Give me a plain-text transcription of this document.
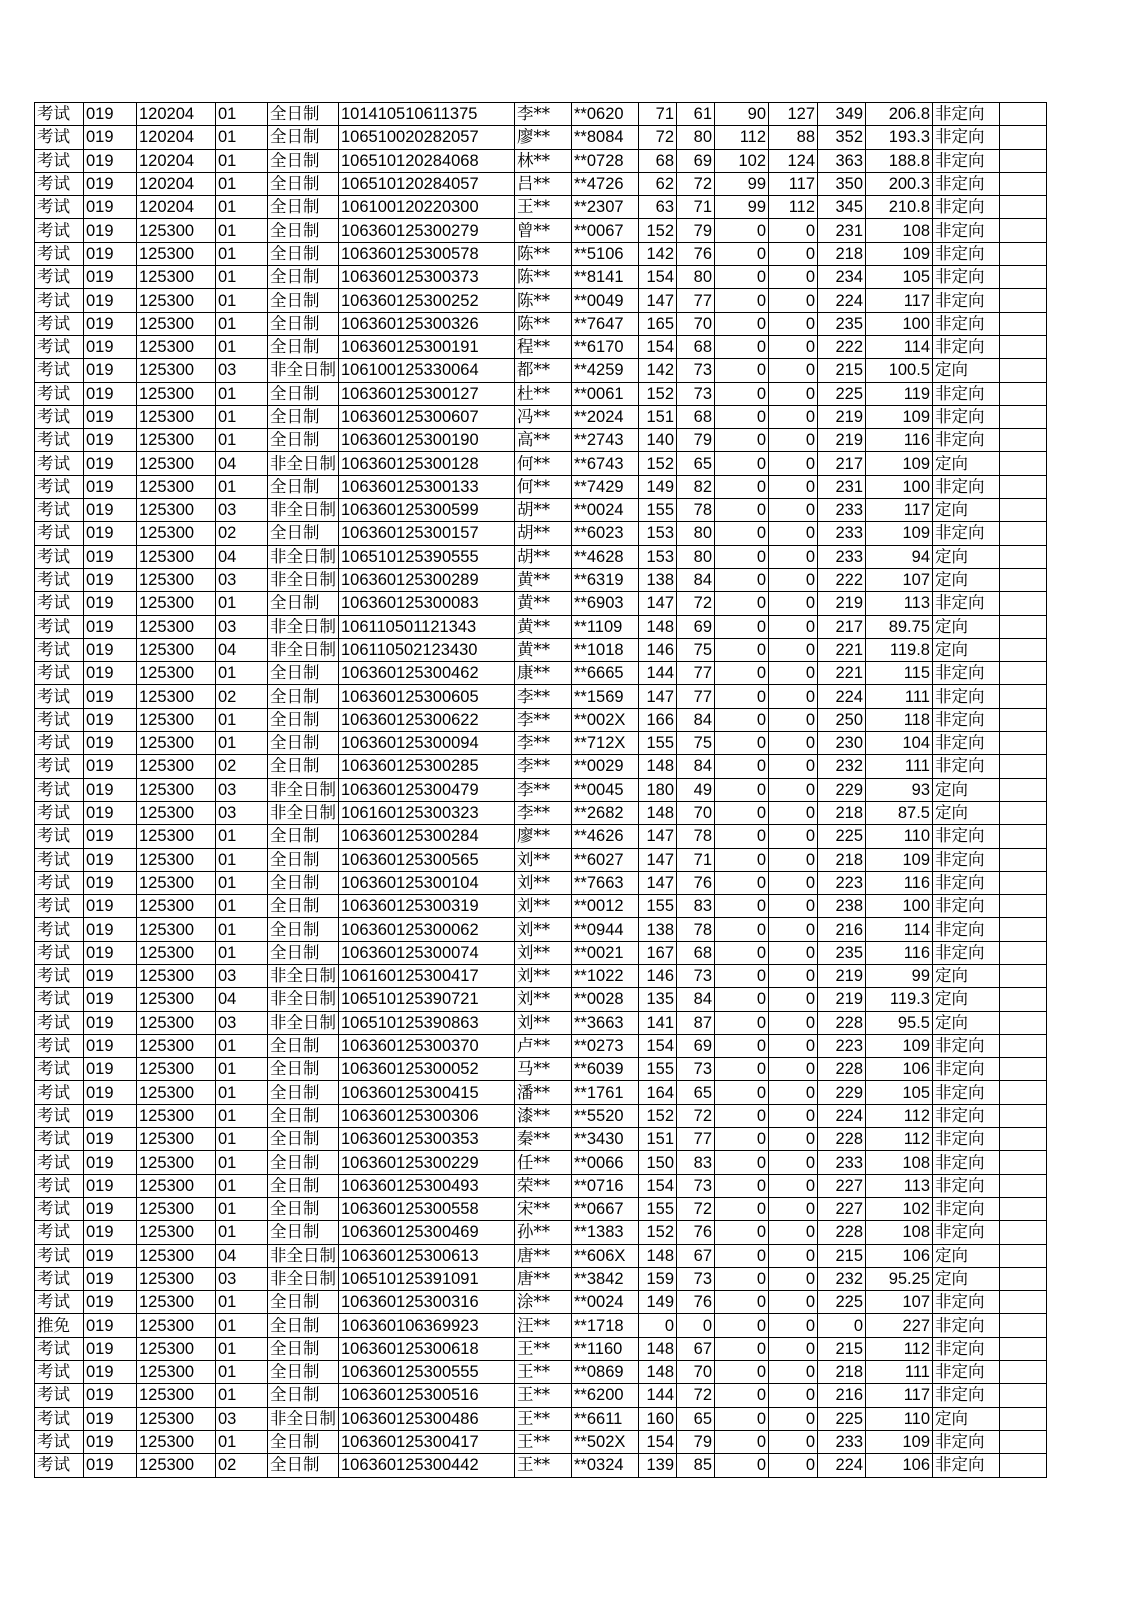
考试	019	120204	01	全日制	101410510611375	李**	**0620	71	61	90	127	349	206.8	非定向	
考试	019	120204	01	全日制	106510020282057	廖**	**8084	72	80	112	88	352	193.3	非定向	
考试	019	120204	01	全日制	106510120284068	林**	**0728	68	69	102	124	363	188.8	非定向	
考试	019	120204	01	全日制	106510120284057	吕**	**4726	62	72	99	117	350	200.3	非定向	
考试	019	120204	01	全日制	106100120220300	王**	**2307	63	71	99	112	345	210.8	非定向	
考试	019	125300	01	全日制	106360125300279	曾**	**0067	152	79	0	0	231	108	非定向	
考试	019	125300	01	全日制	106360125300578	陈**	**5106	142	76	0	0	218	109	非定向	
考试	019	125300	01	全日制	106360125300373	陈**	**8141	154	80	0	0	234	105	非定向	
考试	019	125300	01	全日制	106360125300252	陈**	**0049	147	77	0	0	224	117	非定向	
考试	019	125300	01	全日制	106360125300326	陈**	**7647	165	70	0	0	235	100	非定向	
考试	019	125300	01	全日制	106360125300191	程**	**6170	154	68	0	0	222	114	非定向	
考试	019	125300	03	非全日制	106100125330064	都**	**4259	142	73	0	0	215	100.5	定向	
考试	019	125300	01	全日制	106360125300127	杜**	**0061	152	73	0	0	225	119	非定向	
考试	019	125300	01	全日制	106360125300607	冯**	**2024	151	68	0	0	219	109	非定向	
考试	019	125300	01	全日制	106360125300190	高**	**2743	140	79	0	0	219	116	非定向	
考试	019	125300	04	非全日制	106360125300128	何**	**6743	152	65	0	0	217	109	定向	
考试	019	125300	01	全日制	106360125300133	何**	**7429	149	82	0	0	231	100	非定向	
考试	019	125300	03	非全日制	106360125300599	胡**	**0024	155	78	0	0	233	117	定向	
考试	019	125300	02	全日制	106360125300157	胡**	**6023	153	80	0	0	233	109	非定向	
考试	019	125300	04	非全日制	106510125390555	胡**	**4628	153	80	0	0	233	94	定向	
考试	019	125300	03	非全日制	106360125300289	黄**	**6319	138	84	0	0	222	107	定向	
考试	019	125300	01	全日制	106360125300083	黄**	**6903	147	72	0	0	219	113	非定向	
考试	019	125300	03	非全日制	106110501121343	黄**	**1109	148	69	0	0	217	89.75	定向	
考试	019	125300	04	非全日制	106110502123430	黄**	**1018	146	75	0	0	221	119.8	定向	
考试	019	125300	01	全日制	106360125300462	康**	**6665	144	77	0	0	221	115	非定向	
考试	019	125300	02	全日制	106360125300605	李**	**1569	147	77	0	0	224	111	非定向	
考试	019	125300	01	全日制	106360125300622	李**	**002X	166	84	0	0	250	118	非定向	
考试	019	125300	01	全日制	106360125300094	李**	**712X	155	75	0	0	230	104	非定向	
考试	019	125300	02	全日制	106360125300285	李**	**0029	148	84	0	0	232	111	非定向	
考试	019	125300	03	非全日制	106360125300479	李**	**0045	180	49	0	0	229	93	定向	
考试	019	125300	03	非全日制	106160125300323	李**	**2682	148	70	0	0	218	87.5	定向	
考试	019	125300	01	全日制	106360125300284	廖**	**4626	147	78	0	0	225	110	非定向	
考试	019	125300	01	全日制	106360125300565	刘**	**6027	147	71	0	0	218	109	非定向	
考试	019	125300	01	全日制	106360125300104	刘**	**7663	147	76	0	0	223	116	非定向	
考试	019	125300	01	全日制	106360125300319	刘**	**0012	155	83	0	0	238	100	非定向	
考试	019	125300	01	全日制	106360125300062	刘**	**0944	138	78	0	0	216	114	非定向	
考试	019	125300	01	全日制	106360125300074	刘**	**0021	167	68	0	0	235	116	非定向	
考试	019	125300	03	非全日制	106160125300417	刘**	**1022	146	73	0	0	219	99	定向	
考试	019	125300	04	非全日制	106510125390721	刘**	**0028	135	84	0	0	219	119.3	定向	
考试	019	125300	03	非全日制	106510125390863	刘**	**3663	141	87	0	0	228	95.5	定向	
考试	019	125300	01	全日制	106360125300370	卢**	**0273	154	69	0	0	223	109	非定向	
考试	019	125300	01	全日制	106360125300052	马**	**6039	155	73	0	0	228	106	非定向	
考试	019	125300	01	全日制	106360125300415	潘**	**1761	164	65	0	0	229	105	非定向	
考试	019	125300	01	全日制	106360125300306	漆**	**5520	152	72	0	0	224	112	非定向	
考试	019	125300	01	全日制	106360125300353	秦**	**3430	151	77	0	0	228	112	非定向	
考试	019	125300	01	全日制	106360125300229	任**	**0066	150	83	0	0	233	108	非定向	
考试	019	125300	01	全日制	106360125300493	荣**	**0716	154	73	0	0	227	113	非定向	
考试	019	125300	01	全日制	106360125300558	宋**	**0667	155	72	0	0	227	102	非定向	
考试	019	125300	01	全日制	106360125300469	孙**	**1383	152	76	0	0	228	108	非定向	
考试	019	125300	04	非全日制	106360125300613	唐**	**606X	148	67	0	0	215	106	定向	
考试	019	125300	03	非全日制	106510125391091	唐**	**3842	159	73	0	0	232	95.25	定向	
考试	019	125300	01	全日制	106360125300316	涂**	**0024	149	76	0	0	225	107	非定向	
推免	019	125300	01	全日制	106360106369923	汪**	**1718	0	0	0	0	0	227	非定向	
考试	019	125300	01	全日制	106360125300618	王**	**1160	148	67	0	0	215	112	非定向	
考试	019	125300	01	全日制	106360125300555	王**	**0869	148	70	0	0	218	111	非定向	
考试	019	125300	01	全日制	106360125300516	王**	**6200	144	72	0	0	216	117	非定向	
考试	019	125300	03	非全日制	106360125300486	王**	**6611	160	65	0	0	225	110	定向	
考试	019	125300	01	全日制	106360125300417	王**	**502X	154	79	0	0	233	109	非定向	
考试	019	125300	02	全日制	106360125300442	王**	**0324	139	85	0	0	224	106	非定向	
